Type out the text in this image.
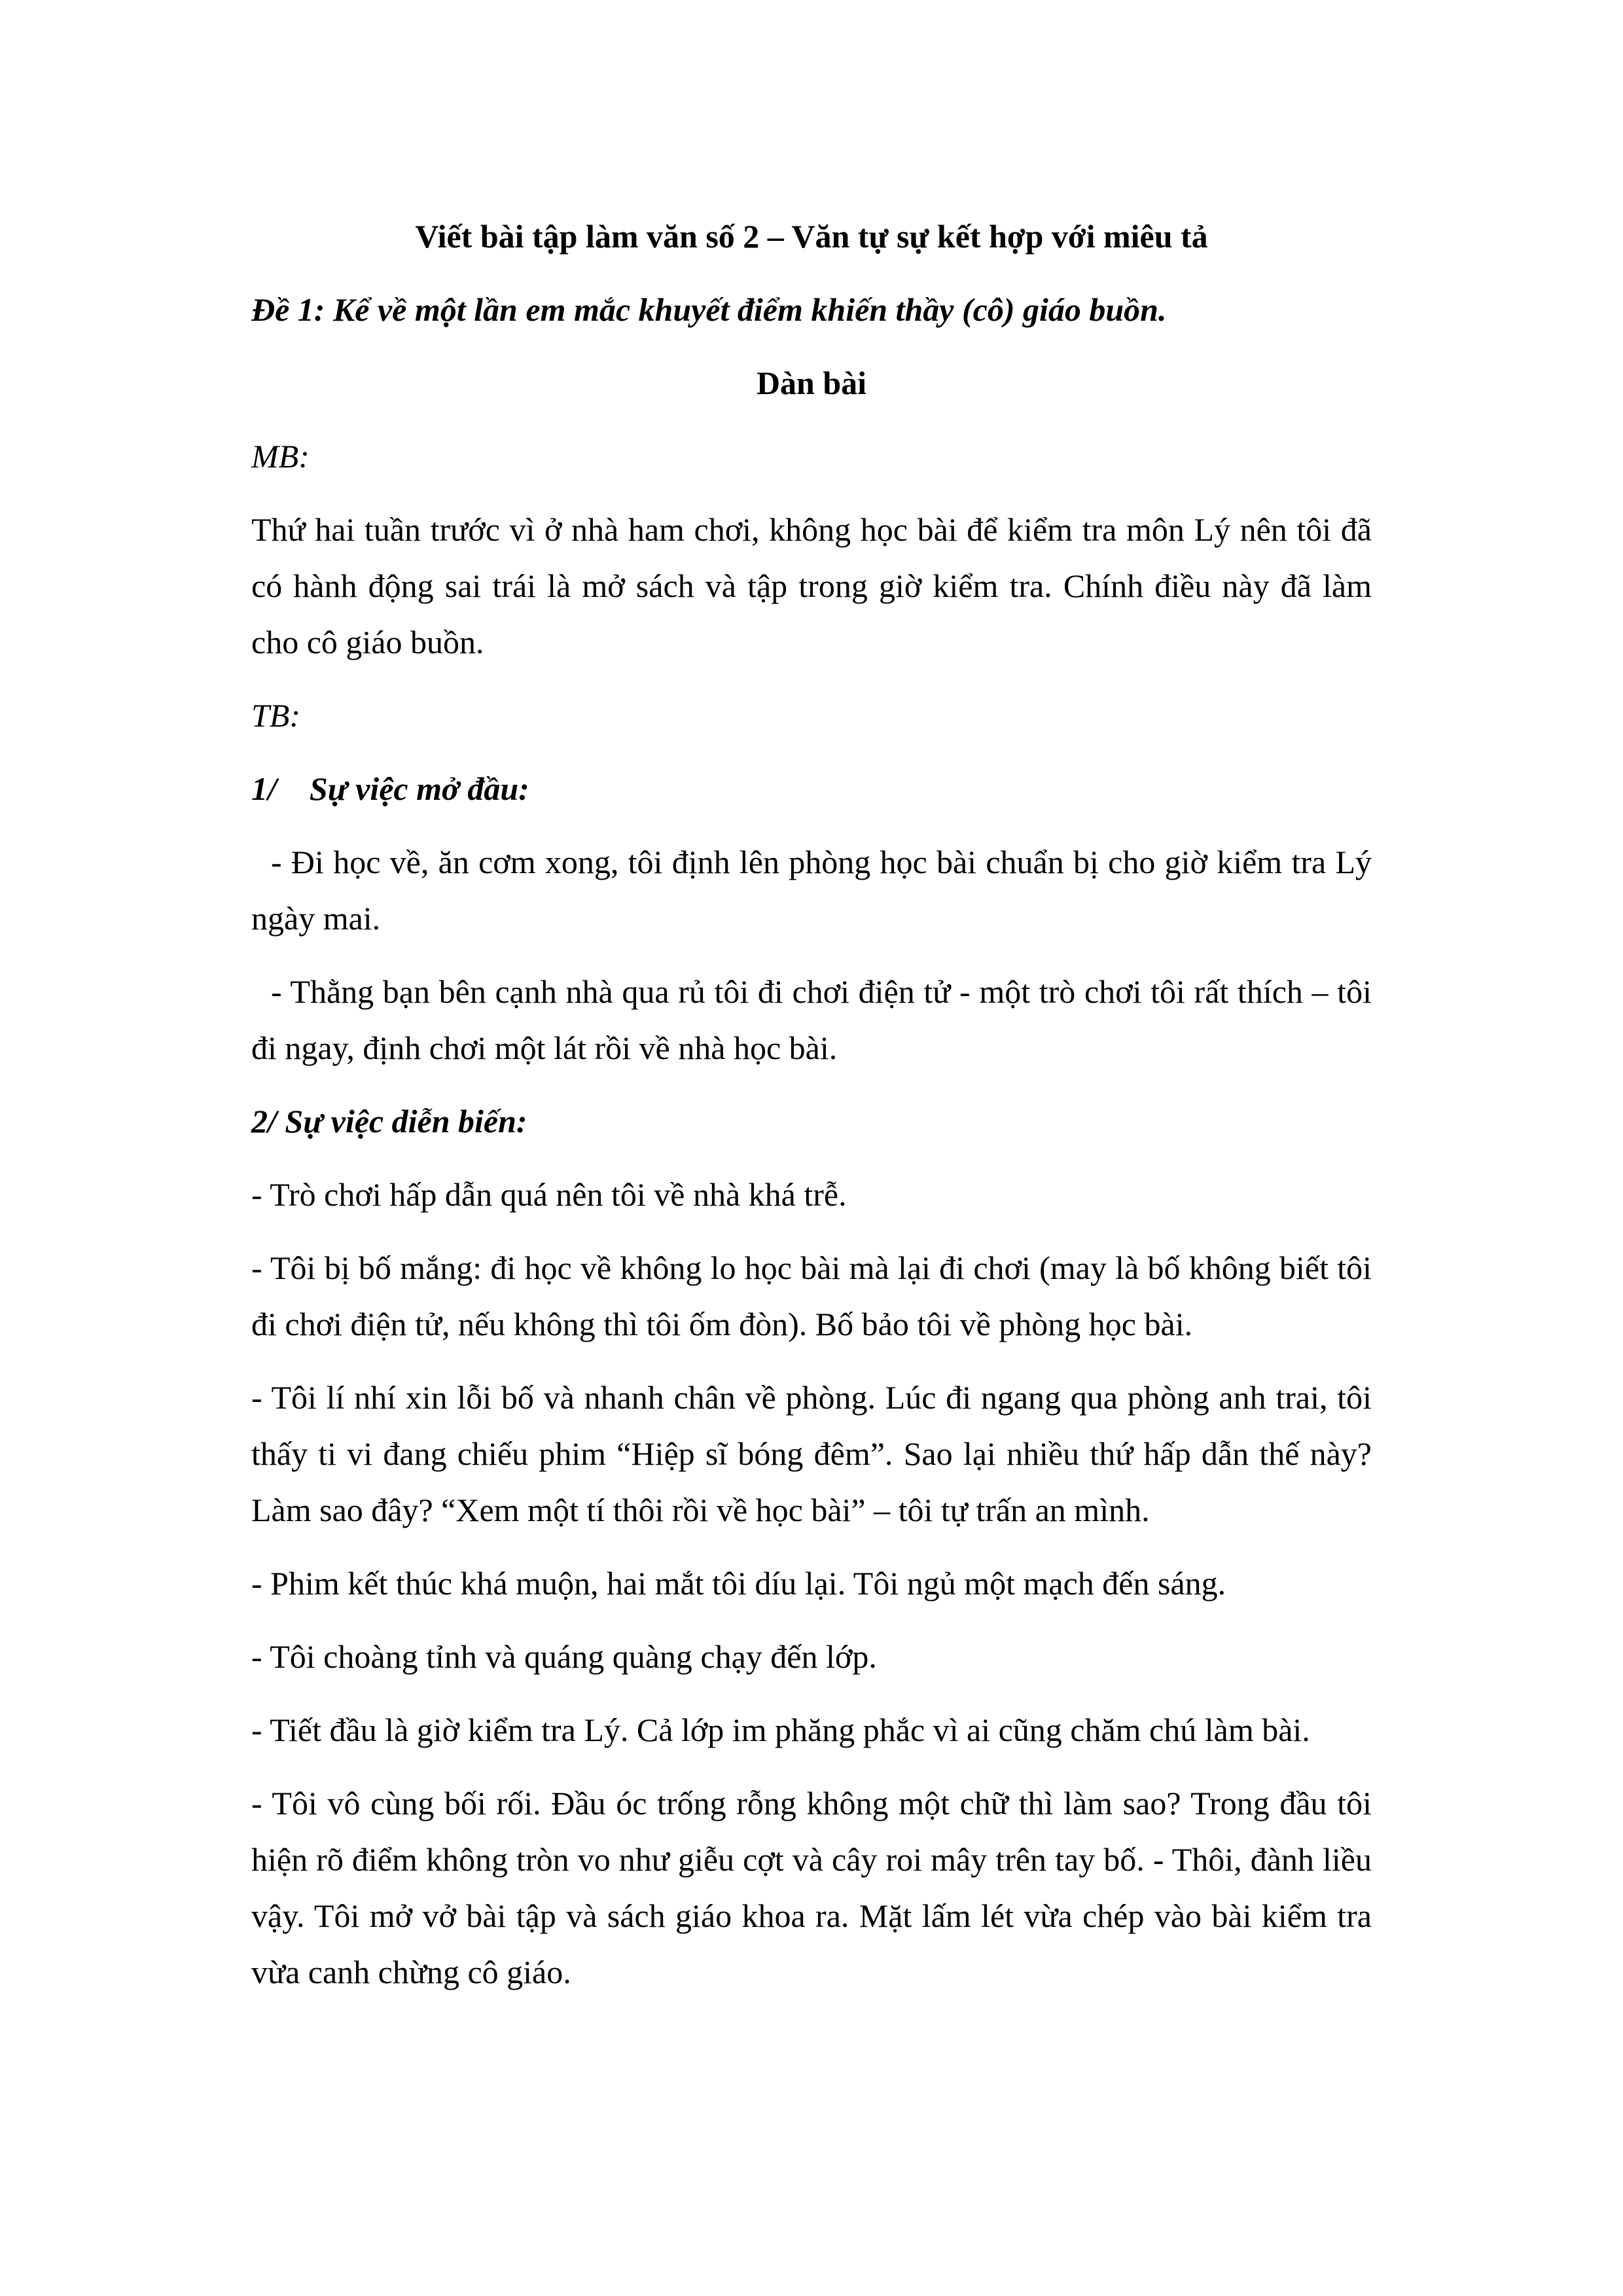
Viết bài tập làm văn số 2 – Văn tự sự kết hợp với miêu tả

Đề 1: Kể về một lần em mắc khuyết điểm khiến thầy (cô) giáo buồn.

Dàn bài

MB:

Thứ hai tuần trước vì ở nhà ham chơi, không học bài để kiểm tra môn Lý nên tôi đã có hành động sai trái là mở sách và tập trong giờ kiểm tra. Chính điều này đã làm cho cô giáo buồn.

TB:

1/    Sự việc mở đầu:

- Đi học về, ăn cơm xong, tôi định lên phòng học bài chuẩn bị cho giờ kiểm tra Lý ngày mai.

- Thằng bạn bên cạnh nhà qua rủ tôi đi chơi điện tử - một trò chơi tôi rất thích – tôi đi ngay, định chơi một lát rồi về nhà học bài.

2/ Sự việc diễn biến:

- Trò chơi hấp dẫn quá nên tôi về nhà khá trễ.

- Tôi bị bố mắng: đi học về không lo học bài mà lại đi chơi (may là bố không biết tôi đi chơi điện tử, nếu không thì tôi ốm đòn). Bố bảo tôi về phòng học bài.

- Tôi lí nhí xin lỗi bố và nhanh chân về phòng. Lúc đi ngang qua phòng anh trai, tôi thấy ti vi đang chiếu phim “Hiệp sĩ bóng đêm”. Sao lại nhiều thứ hấp dẫn thế này? Làm sao đây? “Xem một tí thôi rồi về học bài” – tôi tự trấn an mình.

- Phim kết thúc khá muộn, hai mắt tôi díu lại. Tôi ngủ một mạch đến sáng.

- Tôi choàng tỉnh và quáng quàng chạy đến lớp.

- Tiết đầu là giờ kiểm tra Lý. Cả lớp im phăng phắc vì ai cũng chăm chú làm bài.

- Tôi vô cùng bối rối. Đầu óc trống rỗng không một chữ thì làm sao? Trong đầu tôi hiện rõ điểm không tròn vo như giễu cợt và cây roi mây trên tay bố. - Thôi, đành liều vậy. Tôi mở vở bài tập và sách giáo khoa ra. Mặt lấm lét vừa chép vào bài kiểm tra vừa canh chừng cô giáo.
